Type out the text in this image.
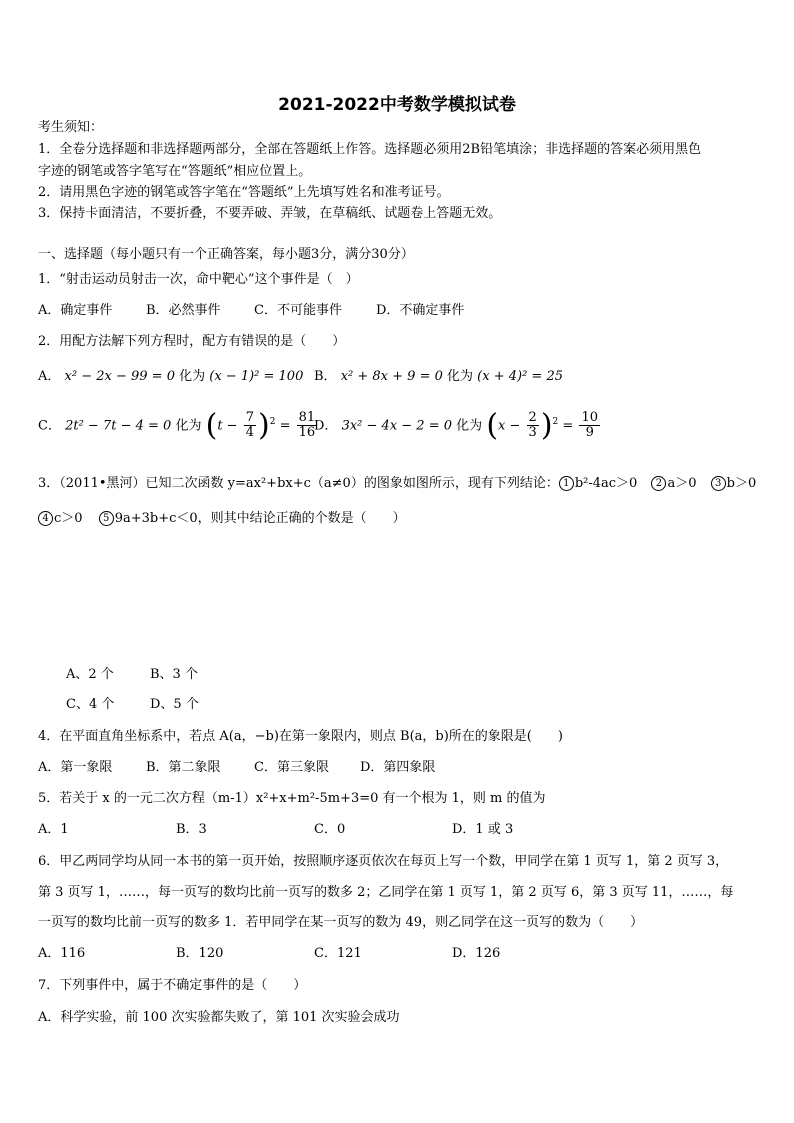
2021-2022中考数学模拟试卷
考生须知：
1．全卷分选择题和非选择题两部分，全部在答题纸上作答。选择题必须用2B铅笔填涂；非选择题的答案必须用黑色
字迹的钢笔或答字笔写在“答题纸”相应位置上。
2．请用黑色字迹的钢笔或答字笔在“答题纸”上先填写姓名和准考证号。
3．保持卡面清洁，不要折叠，不要弄破、弄皱，在草稿纸、试题卷上答题无效。
一、选择题（每小题只有一个正确答案，每小题3分，满分30分）
1．“射击运动员射击一次，命中靶心”这个事件是（　）
A．确定事件	B．必然事件	C．不可能事件	D．不确定事件
2．用配方法解下列方程时，配方有错误的是（　　）
A． x² − 2x − 99 = 0 化为 (x − 1)² = 100 B． x² + 8x + 9 = 0 化为 (x + 4)² = 25
C． 2t² − 7t − 4 = 0 化为 $(t - \frac{7}{4} )^2 = \frac{81}{16}$
D． 3x² − 4x − 2 = 0 化为 $(x - \frac{2}{3} )^2 = \frac{10}{9}$
3．（2011•黑河）已知二次函数 y=ax²+bx+c（a≠0）的图象如图所示，现有下列结论： 1 b²-4ac＞0 2 a＞0 3 b＞0
4 c＞0 5 9a+3b+c＜0，则其中结论正确的个数是（　　）
A、2 个	B、3 个
C、4 个	D、5 个
4．在平面直角坐标系中，若点 A(a，−b)在第一象限内，则点 B(a，b)所在的象限是(　　)
A．第一象限	B．第二象限	C．第三象限 D．第四象限
5．若关于 x 的一元二次方程（m-1）x²+x+m²-5m+3=0 有一个根为 1，则 m 的值为
A．1	B．3	C．0	D．1 或 3
6．甲乙两同学均从同一本书的第一页开始，按照顺序逐页依次在每页上写一个数，甲同学在第 1 页写 1，第 2 页写 3，
第 3 页写 1，……，每一页写的数均比前一页写的数多 2；乙同学在第 1 页写 1，第 2 页写 6，第 3 页写 11，……，每
一页写的数均比前一页写的数多 1．若甲同学在某一页写的数为 49，则乙同学在这一页写的数为（　　）
A．116	B．120	C．121	D．126
7．下列事件中，属于不确定事件的是（　　）
A．科学实验，前 100 次实验都失败了，第 101 次实验会成功
